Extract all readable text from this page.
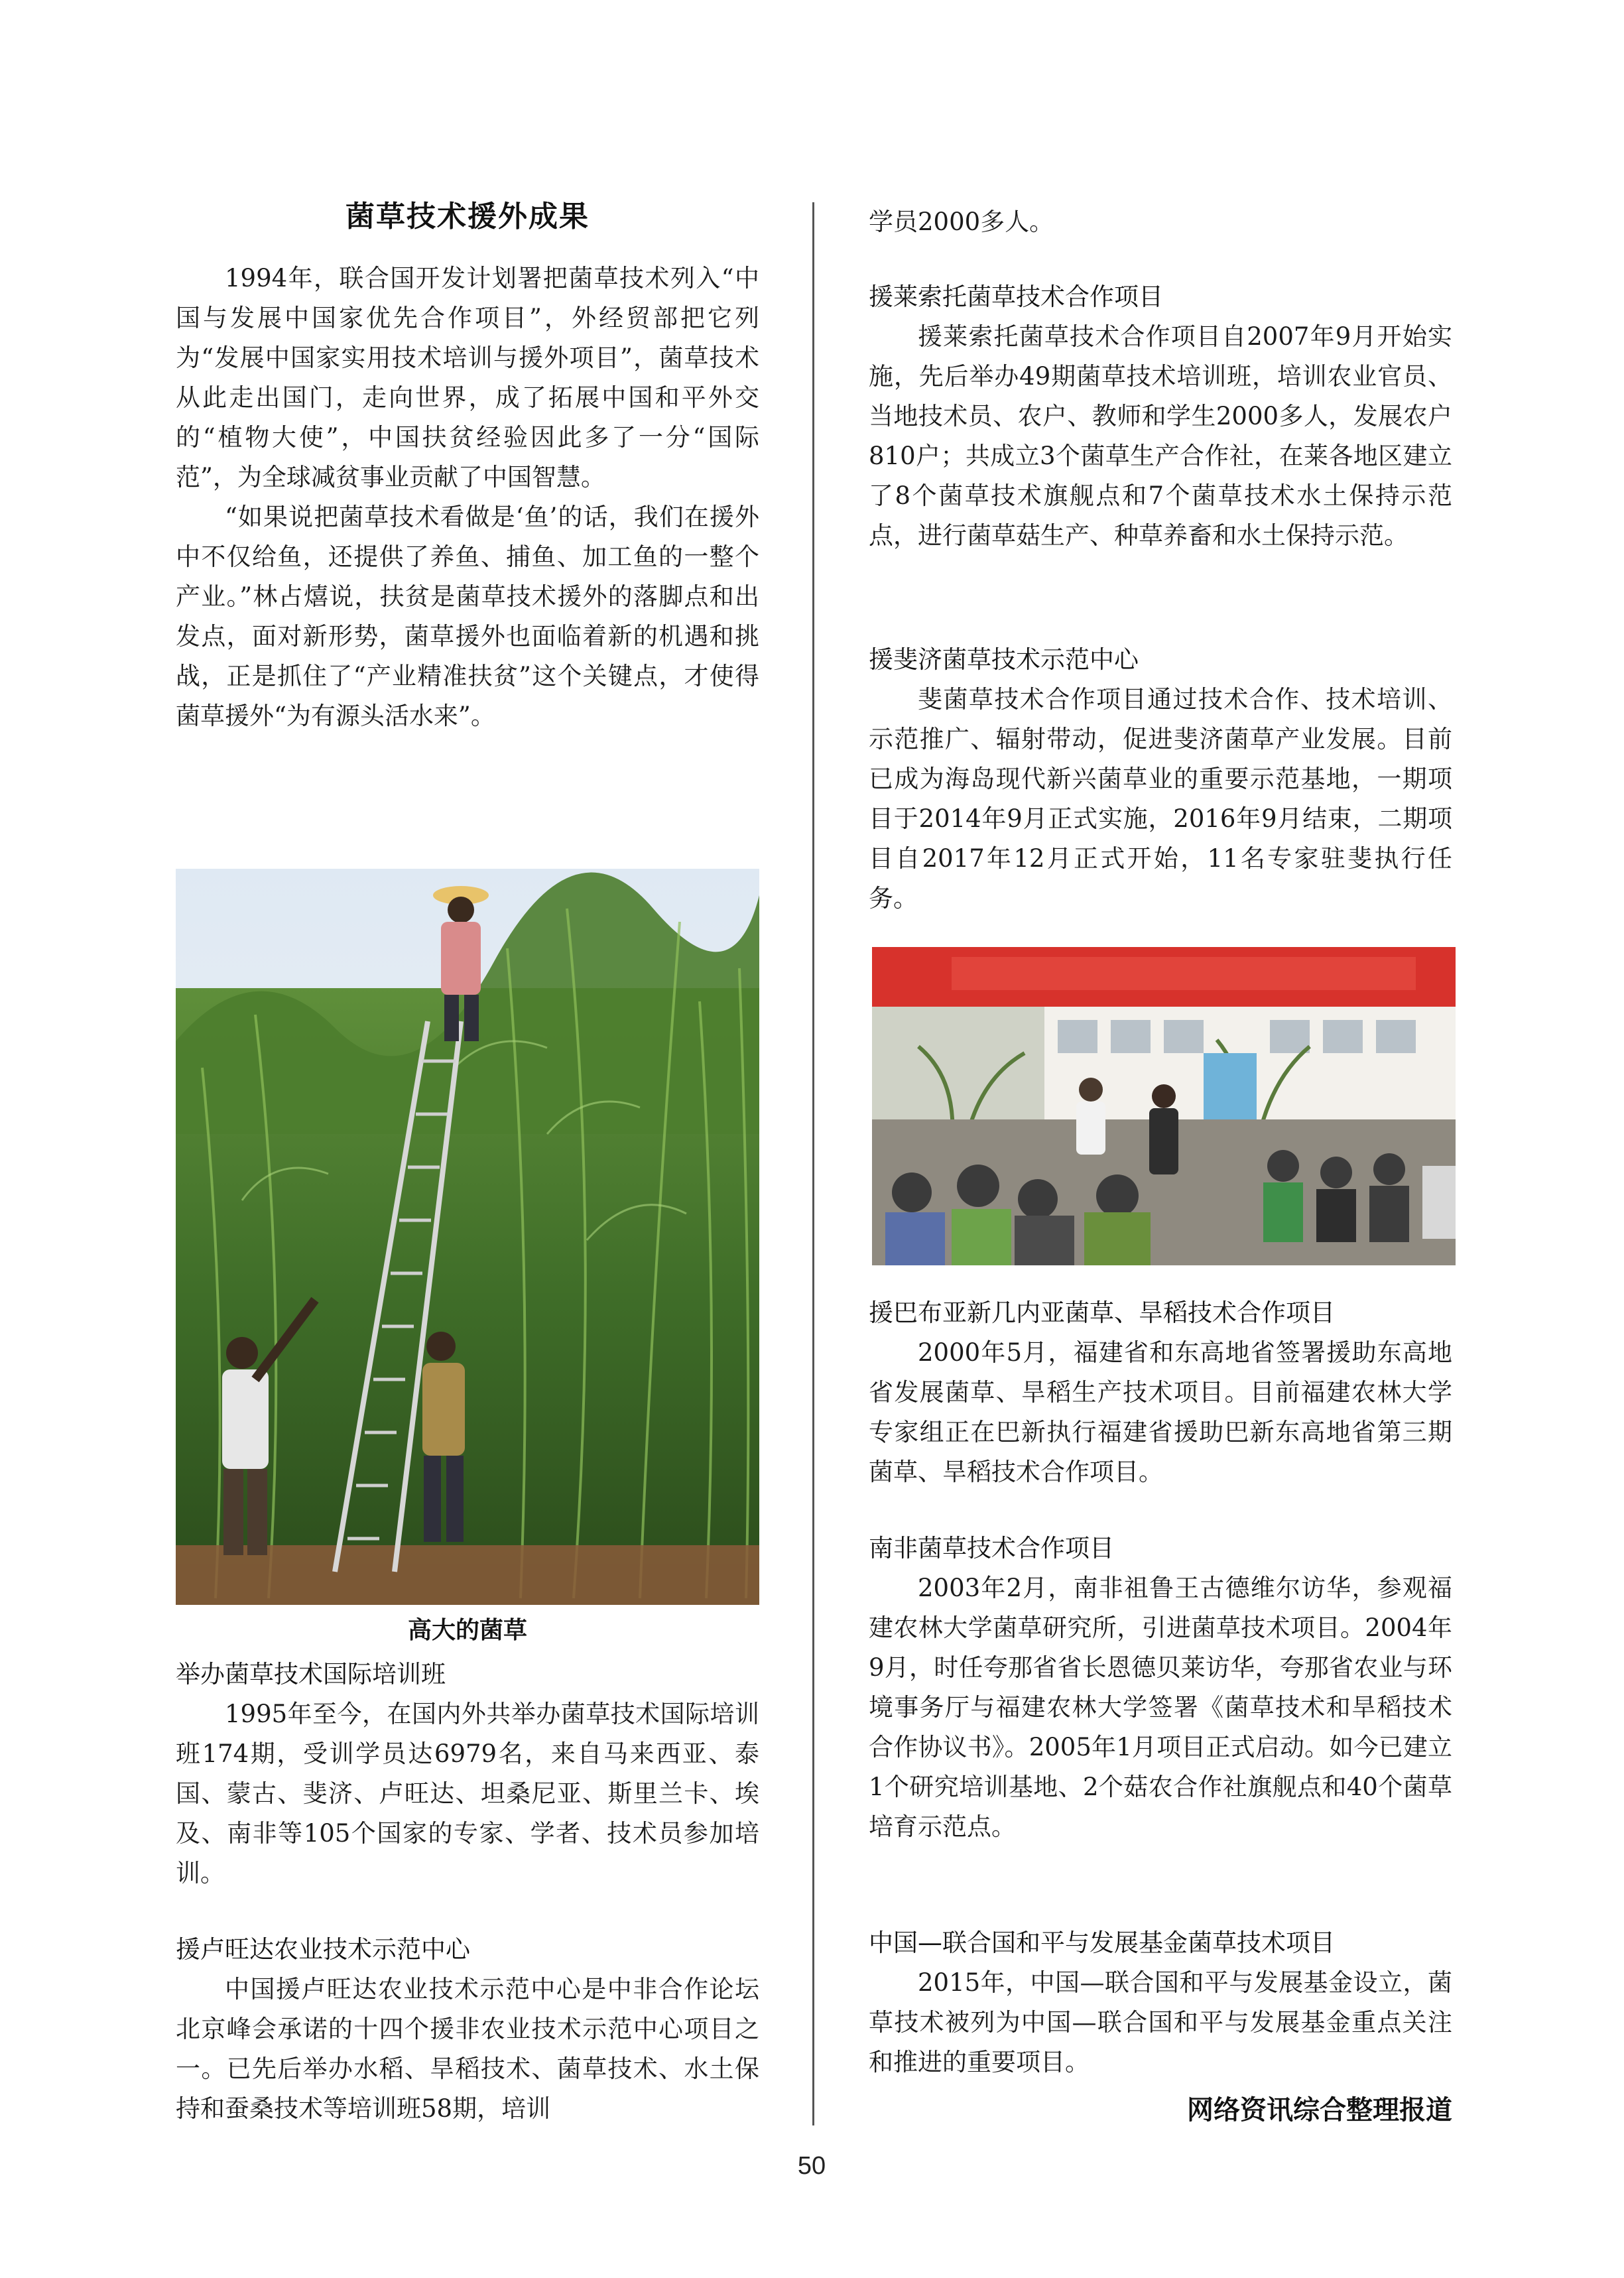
菌草技术援外成果

1994年，联合国开发计划署把菌草技术列入“中国与发展中国家优先合作项目”，外经贸部把它列为“发展中国家实用技术培训与援外项目”，菌草技术从此走出国门，走向世界，成了拓展中国和平外交的“植物大使”，中国扶贫经验因此多了一分“国际范”，为全球减贫事业贡献了中国智慧。

“如果说把菌草技术看做是‘鱼’的话，我们在援外中不仅给鱼，还提供了养鱼、捕鱼、加工鱼的一整个产业。”林占熺说，扶贫是菌草技术援外的落脚点和出发点，面对新形势，菌草援外也面临着新的机遇和挑战，正是抓住了“产业精准扶贫”这个关键点，才使得菌草援外“为有源头活水来”。

高大的菌草

举办菌草技术国际培训班

1995年至今，在国内外共举办菌草技术国际培训班174期，受训学员达6979名，来自马来西亚、泰国、蒙古、斐济、卢旺达、坦桑尼亚、斯里兰卡、埃及、南非等105个国家的专家、学者、技术员参加培训。

援卢旺达农业技术示范中心

中国援卢旺达农业技术示范中心是中非合作论坛北京峰会承诺的十四个援非农业技术示范中心项目之一。已先后举办水稻、旱稻技术、菌草技术、水土保持和蚕桑技术等培训班58期，培训

学员2000多人。

援莱索托菌草技术合作项目

援莱索托菌草技术合作项目自2007年9月开始实施，先后举办49期菌草技术培训班，培训农业官员、当地技术员、农户、教师和学生2000多人，发展农户810户；共成立3个菌草生产合作社，在莱各地区建立了8个菌草技术旗舰点和7个菌草技术水土保持示范点，进行菌草菇生产、种草养畜和水土保持示范。

援斐济菌草技术示范中心

斐菌草技术合作项目通过技术合作、技术培训、示范推广、辐射带动，促进斐济菌草产业发展。目前已成为海岛现代新兴菌草业的重要示范基地，一期项目于2014年9月正式实施，2016年9月结束，二期项目自2017年12月正式开始，11名专家驻斐执行任务。

援巴布亚新几内亚菌草、旱稻技术合作项目

2000年5月，福建省和东高地省签署援助东高地省发展菌草、旱稻生产技术项目。目前福建农林大学专家组正在巴新执行福建省援助巴新东高地省第三期菌草、旱稻技术合作项目。

南非菌草技术合作项目

2003年2月，南非祖鲁王古德维尔访华，参观福建农林大学菌草研究所，引进菌草技术项目。2004年9月，时任夸那省省长恩德贝莱访华，夸那省农业与环境事务厅与福建农林大学签署《菌草技术和旱稻技术合作协议书》。2005年1月项目正式启动。如今已建立1个研究培训基地、2个菇农合作社旗舰点和40个菌草培育示范点。

中国—联合国和平与发展基金菌草技术项目

2015年，中国—联合国和平与发展基金设立，菌草技术被列为中国—联合国和平与发展基金重点关注和推进的重要项目。

网络资讯综合整理报道
50
